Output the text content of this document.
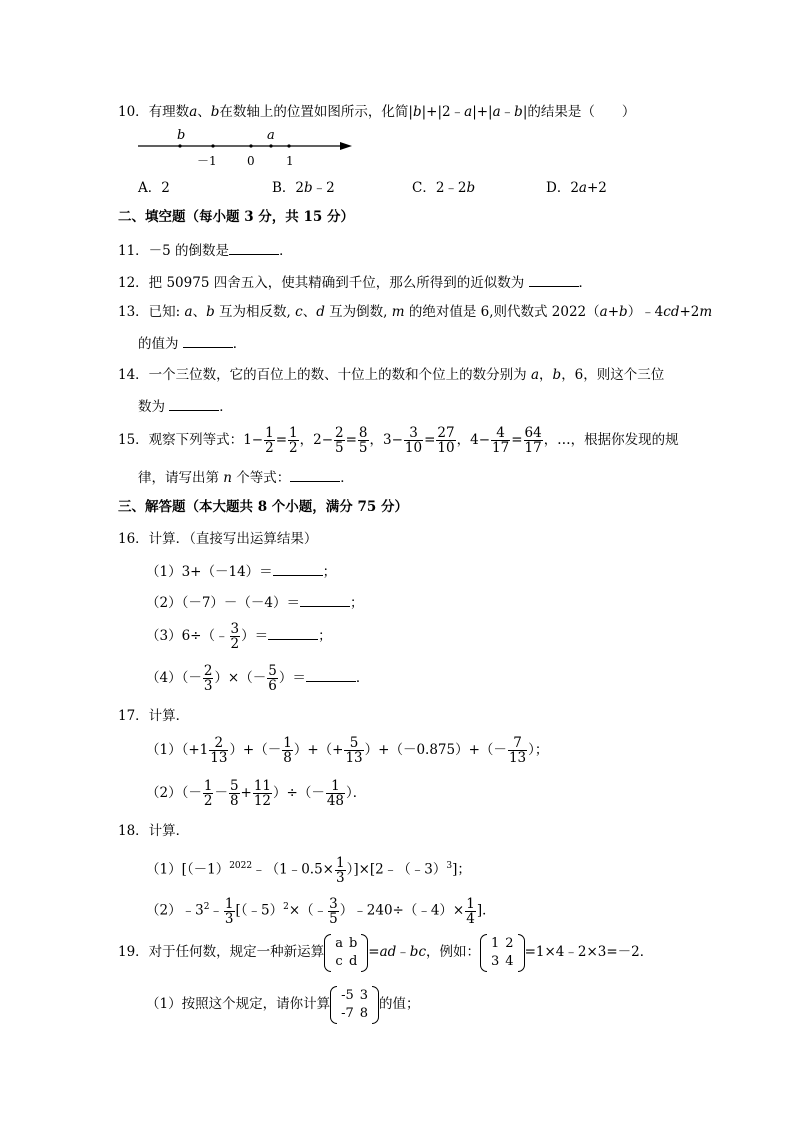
10．有理数a、b在数轴上的位置如图所示，化简|b|+|2﹣a|+|a﹣b|的结果是（　　）
b	a
－1	0	1
A．2	B．2b﹣2	C．2﹣2b	D．2a+2
二、填空题（每小题 3 分，共 15 分）
11．－5 的倒数是	．
12．把 50975 四舍五入，使其精确到千位，那么所得到的近似数为	．
13．已知: a、b 互为相反数, c、d 互为倒数, m 的绝对值是 6,则代数式 2022（a+b）﹣4cd+2m
的值为	．
14．一个三位数，它的百位上的数、十位上的数和个位上的数分别为 a，b，6，则这个三位
数为	．
15．观察下列等式：$1- \frac{1}{2} = \frac{1}{2}$ ，$2- \frac{2}{5} = \frac{8}{5}$ ，$3- \frac{3}{10} = \frac{27}{10}$ ，$4- \frac{4}{17} = \frac{64}{17}$ ，…，根据你发现的规
律，请写出第 n 个等式：	．
三、解答题（本大题共 8 个小题，满分 75 分）
16．计算．（直接写出运算结果）
（1）3+（－14）＝	；
（2）（－7）－（－4）＝	；
（3）6÷（﹣ $\frac{3}{2}$ ）＝	；
$(4)(- \frac{2}{3}$ ）×（－ $\frac{5}{6}$ ）＝	．
17．计算．
$(1)(+1 \frac{2}{13}$ ）+（－ $\frac{1}{8}$ ）+（+ $\frac{5}{13} )+(-0.875)+(- \frac{7}{13}$ ）；
$(2)(- \frac{1}{2} - \frac{5}{8} + \frac{11}{12}$ ）÷（－ $\frac{1}{48}$ ）．
18．计算．
$(1)[(-1)^{2022}﹣(1﹣0.5\times \frac{1}{3}$ ）]×[2﹣（﹣3）$^3$]；
$(2)﹣3^2﹣ \frac{1}{3}$ [（﹣5）$^2$×（﹣ $\frac{3}{5}$ ）﹣240÷（﹣4）× $\frac{1}{4}$ ]．
19．对于任何数，规定一种新运算
a	b
c	d
=ad﹣bc，例如：
1	2
3	4
=1×4﹣2×3=－2．
（1）按照这个规定，请你计算
-5	3
-7	8
的值；
